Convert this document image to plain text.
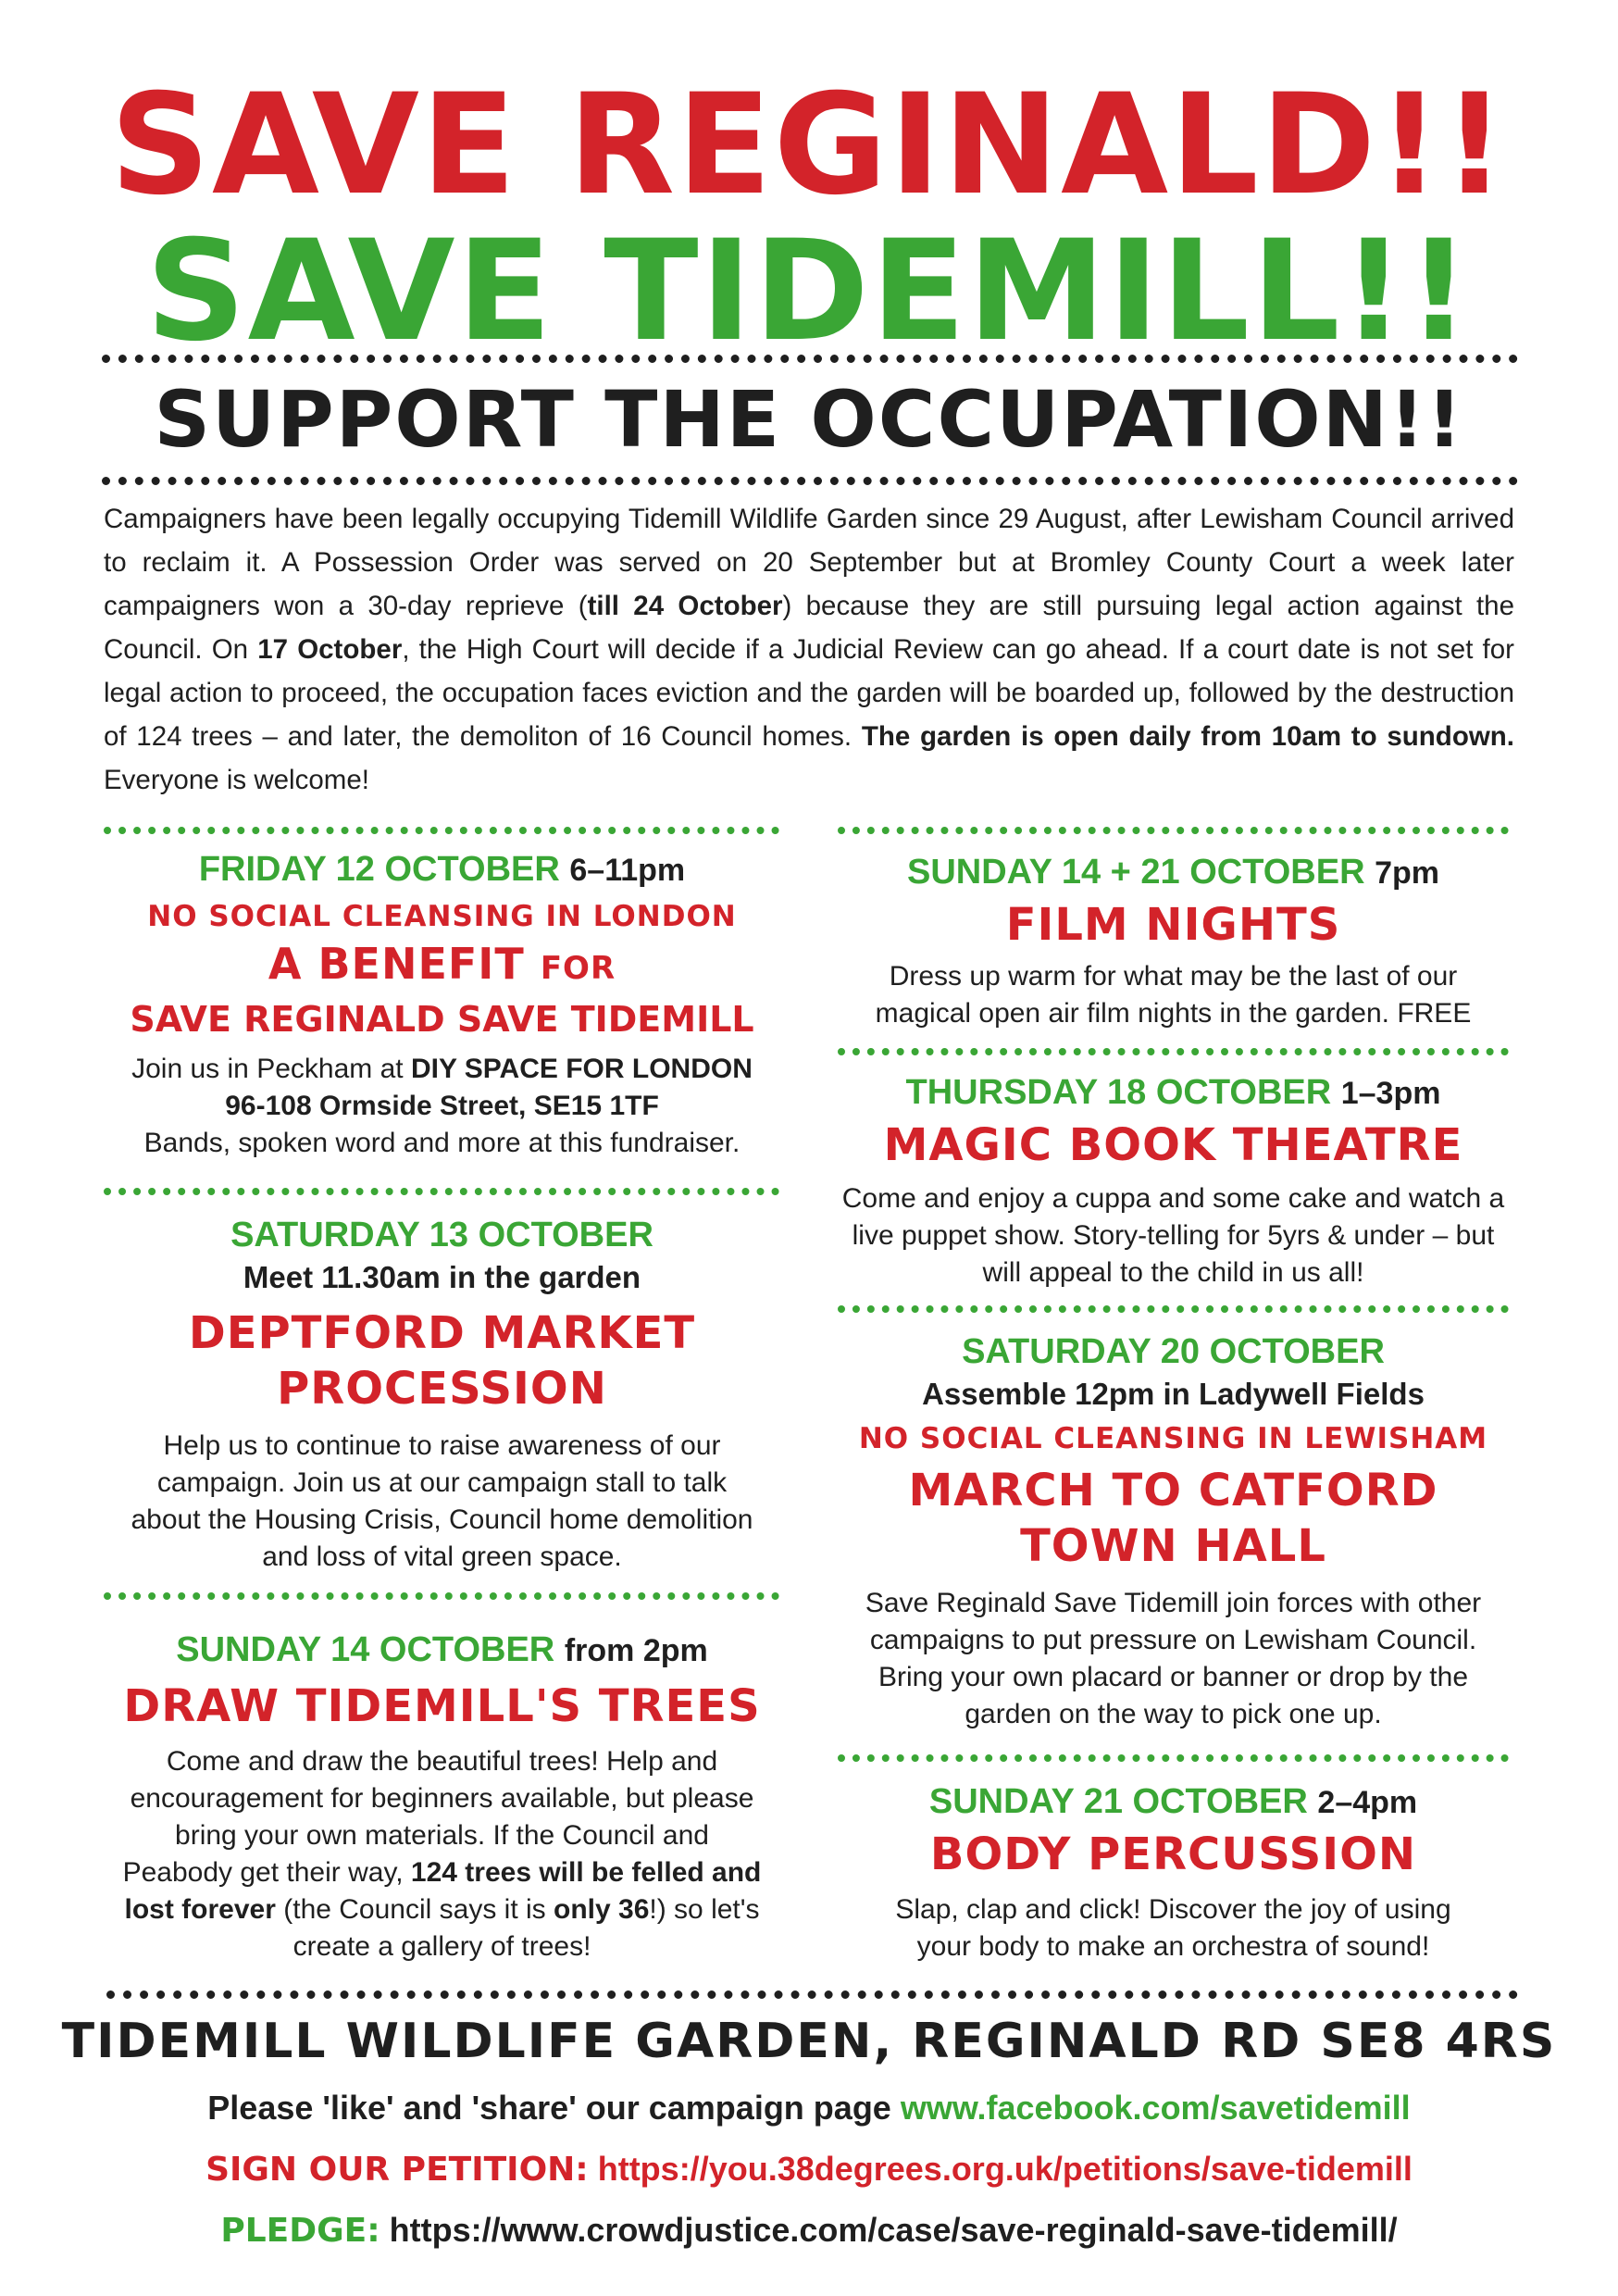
SAVE REGINALD!!
SAVE TIDEMILL!!
SUPPORT THE OCCUPATION!!
Campaigners have been legally occupying Tidemill Wildlife Garden since 29 August, after Lewisham Council arrived to reclaim it. A Possession Order was served on 20 September but at Bromley County Court a week later campaigners won a 30-day reprieve (till 24 October) because they are still pursuing legal action against the Council. On 17 October, the High Court will decide if a Judicial Review can go ahead. If a court date is not set for legal action to proceed, the occupation faces eviction and the garden will be boarded up, followed by the destruction of 124 trees – and later, the demoliton of 16 Council homes. The garden is open daily from 10am to sundown. Everyone is welcome!
FRIDAY 12 OCTOBER 6–11pm
NO SOCIAL CLEANSING IN LONDON
A BENEFIT FOR
SAVE REGINALD SAVE TIDEMILL
Join us in Peckham at DIY SPACE FOR LONDON
96-108 Ormside Street, SE15 1TF
Bands, spoken word and more at this fundraiser.
SATURDAY 13 OCTOBER
Meet 11.30am in the garden
DEPTFORD MARKET
PROCESSION
Help us to continue to raise awareness of our campaign. Join us at our campaign stall to talk about the Housing Crisis, Council home demolition and loss of vital green space.
SUNDAY 14 OCTOBER from 2pm
DRAW TIDEMILL'S TREES
Come and draw the beautiful trees! Help and encouragement for beginners available, but please bring your own materials. If the Council and Peabody get their way, 124 trees will be felled and lost forever (the Council says it is only 36!) so let's create a gallery of trees!
SUNDAY 14 + 21 OCTOBER 7pm
FILM NIGHTS
Dress up warm for what may be the last of our magical open air film nights in the garden. FREE
THURSDAY 18 OCTOBER 1–3pm
MAGIC BOOK THEATRE
Come and enjoy a cuppa and some cake and watch a live puppet show. Story-telling for 5yrs & under – but will appeal to the child in us all!
SATURDAY 20 OCTOBER
Assemble 12pm in Ladywell Fields
NO SOCIAL CLEANSING IN LEWISHAM
MARCH TO CATFORD
TOWN HALL
Save Reginald Save Tidemill join forces with other campaigns to put pressure on Lewisham Council. Bring your own placard or banner or drop by the garden on the way to pick one up.
SUNDAY 21 OCTOBER 2–4pm
BODY PERCUSSION
Slap, clap and click! Discover the joy of using your body to make an orchestra of sound!
TIDEMILL WILDLIFE GARDEN, REGINALD RD SE8 4RS
Please 'like' and 'share' our campaign page www.facebook.com/savetidemill
SIGN OUR PETITION: https://you.38degrees.org.uk/petitions/save-tidemill
PLEDGE: https://www.crowdjustice.com/case/save-reginald-save-tidemill/
